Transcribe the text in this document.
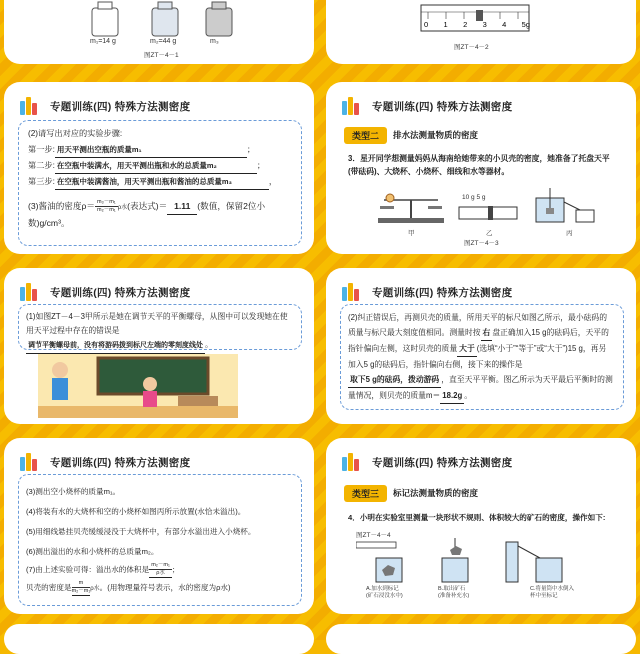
m₁=14 g	m₂=44 g	m₃
图ZT－4－1
0 1 2 3 4 5g
图ZT－4－2
专题训练(四) 特殊方法测密度
(2)请写出对应的实验步骤:
第一步: 用天平测出空瓶的质量m₁	；
第二步: 在空瓶中装满水，用天平测出瓶和水的总质量m₂	；
第三步: 在空瓶中装满酱油，用天平测出瓶和酱油的总质量m₃	，
(3)酱油的密度$\rho= \frac{\text{m₃－m₁}}{\text{m₂－m₁}}$ ρ水(表达式)＝ 1.11 (数值，保留2位小
数)g/cm³。
专题训练(四) 特殊方法测密度
类型二	排水法测量物质的密度
3．星开同学想测量妈妈从海南给她带来的小贝壳的密度，她准备了托盘天平(带砝码)、大烧杯、小烧杯、细线和水等器材。
10 g 5 g
甲	乙	丙
图ZT－4－3
专题训练(四) 特殊方法测密度
(1)如图ZT－4－3甲所示是她在调节天平的平衡螺母，从图中可以发现她在使用天平过程中存在的错误是调节平衡螺母前，没有将游码拨到标尺左端的零刻度线处 。
专题训练(四) 特殊方法测密度
(2)纠正错误后，再测贝壳的质量，所用天平的标尺如图乙所示，最小砝码的质量与标尺最大刻度值相同。测量时按 右 盘正确加入15 g的砝码后，天平的指针偏向左侧，这时贝壳的质量 大于 (选填“小于”“等于”或“大于”)15 g，再另加入5 g的砝码后，指针偏向右侧，接下来的操作是取下5 g的砝码，拨动游码 ，直至天平平衡。图乙所示为天平最后平衡时的测量情况，则贝壳的质量m＝ 18.2g 。
专题训练(四) 特殊方法测密度
(3)测出空小烧杯的质量m₁。
(4)将装有水的大烧杯和空的小烧杯如图丙所示放置(水恰未溢出)。
(5)用细线悬挂贝壳缓缓浸没于大烧杯中，有部分水溢出进入小烧杯。
(6)测出溢出的水和小烧杯的总质量m₂。
(7)由上述实验可得：溢出水的体积是 $\frac{\text{m₂－m₁}}{\text{ρ水}}$ ；
贝壳的密度是 $\frac{m}{\text{m₂－m₁}}$ ρ水。(用物理量符号表示，水的密度为ρ水)
专题训练(四) 特殊方法测密度
类型三	标记法测量物质的密度
4．小明在实验室里测量一块形状不规则、体积较大的矿石的密度，操作如下:
图ZT－4－4
A.加水到标记
(矿石浸没水中)
B.取出矿石
(准备补充水)
C.将量筒中水倒入
杯中至标记
